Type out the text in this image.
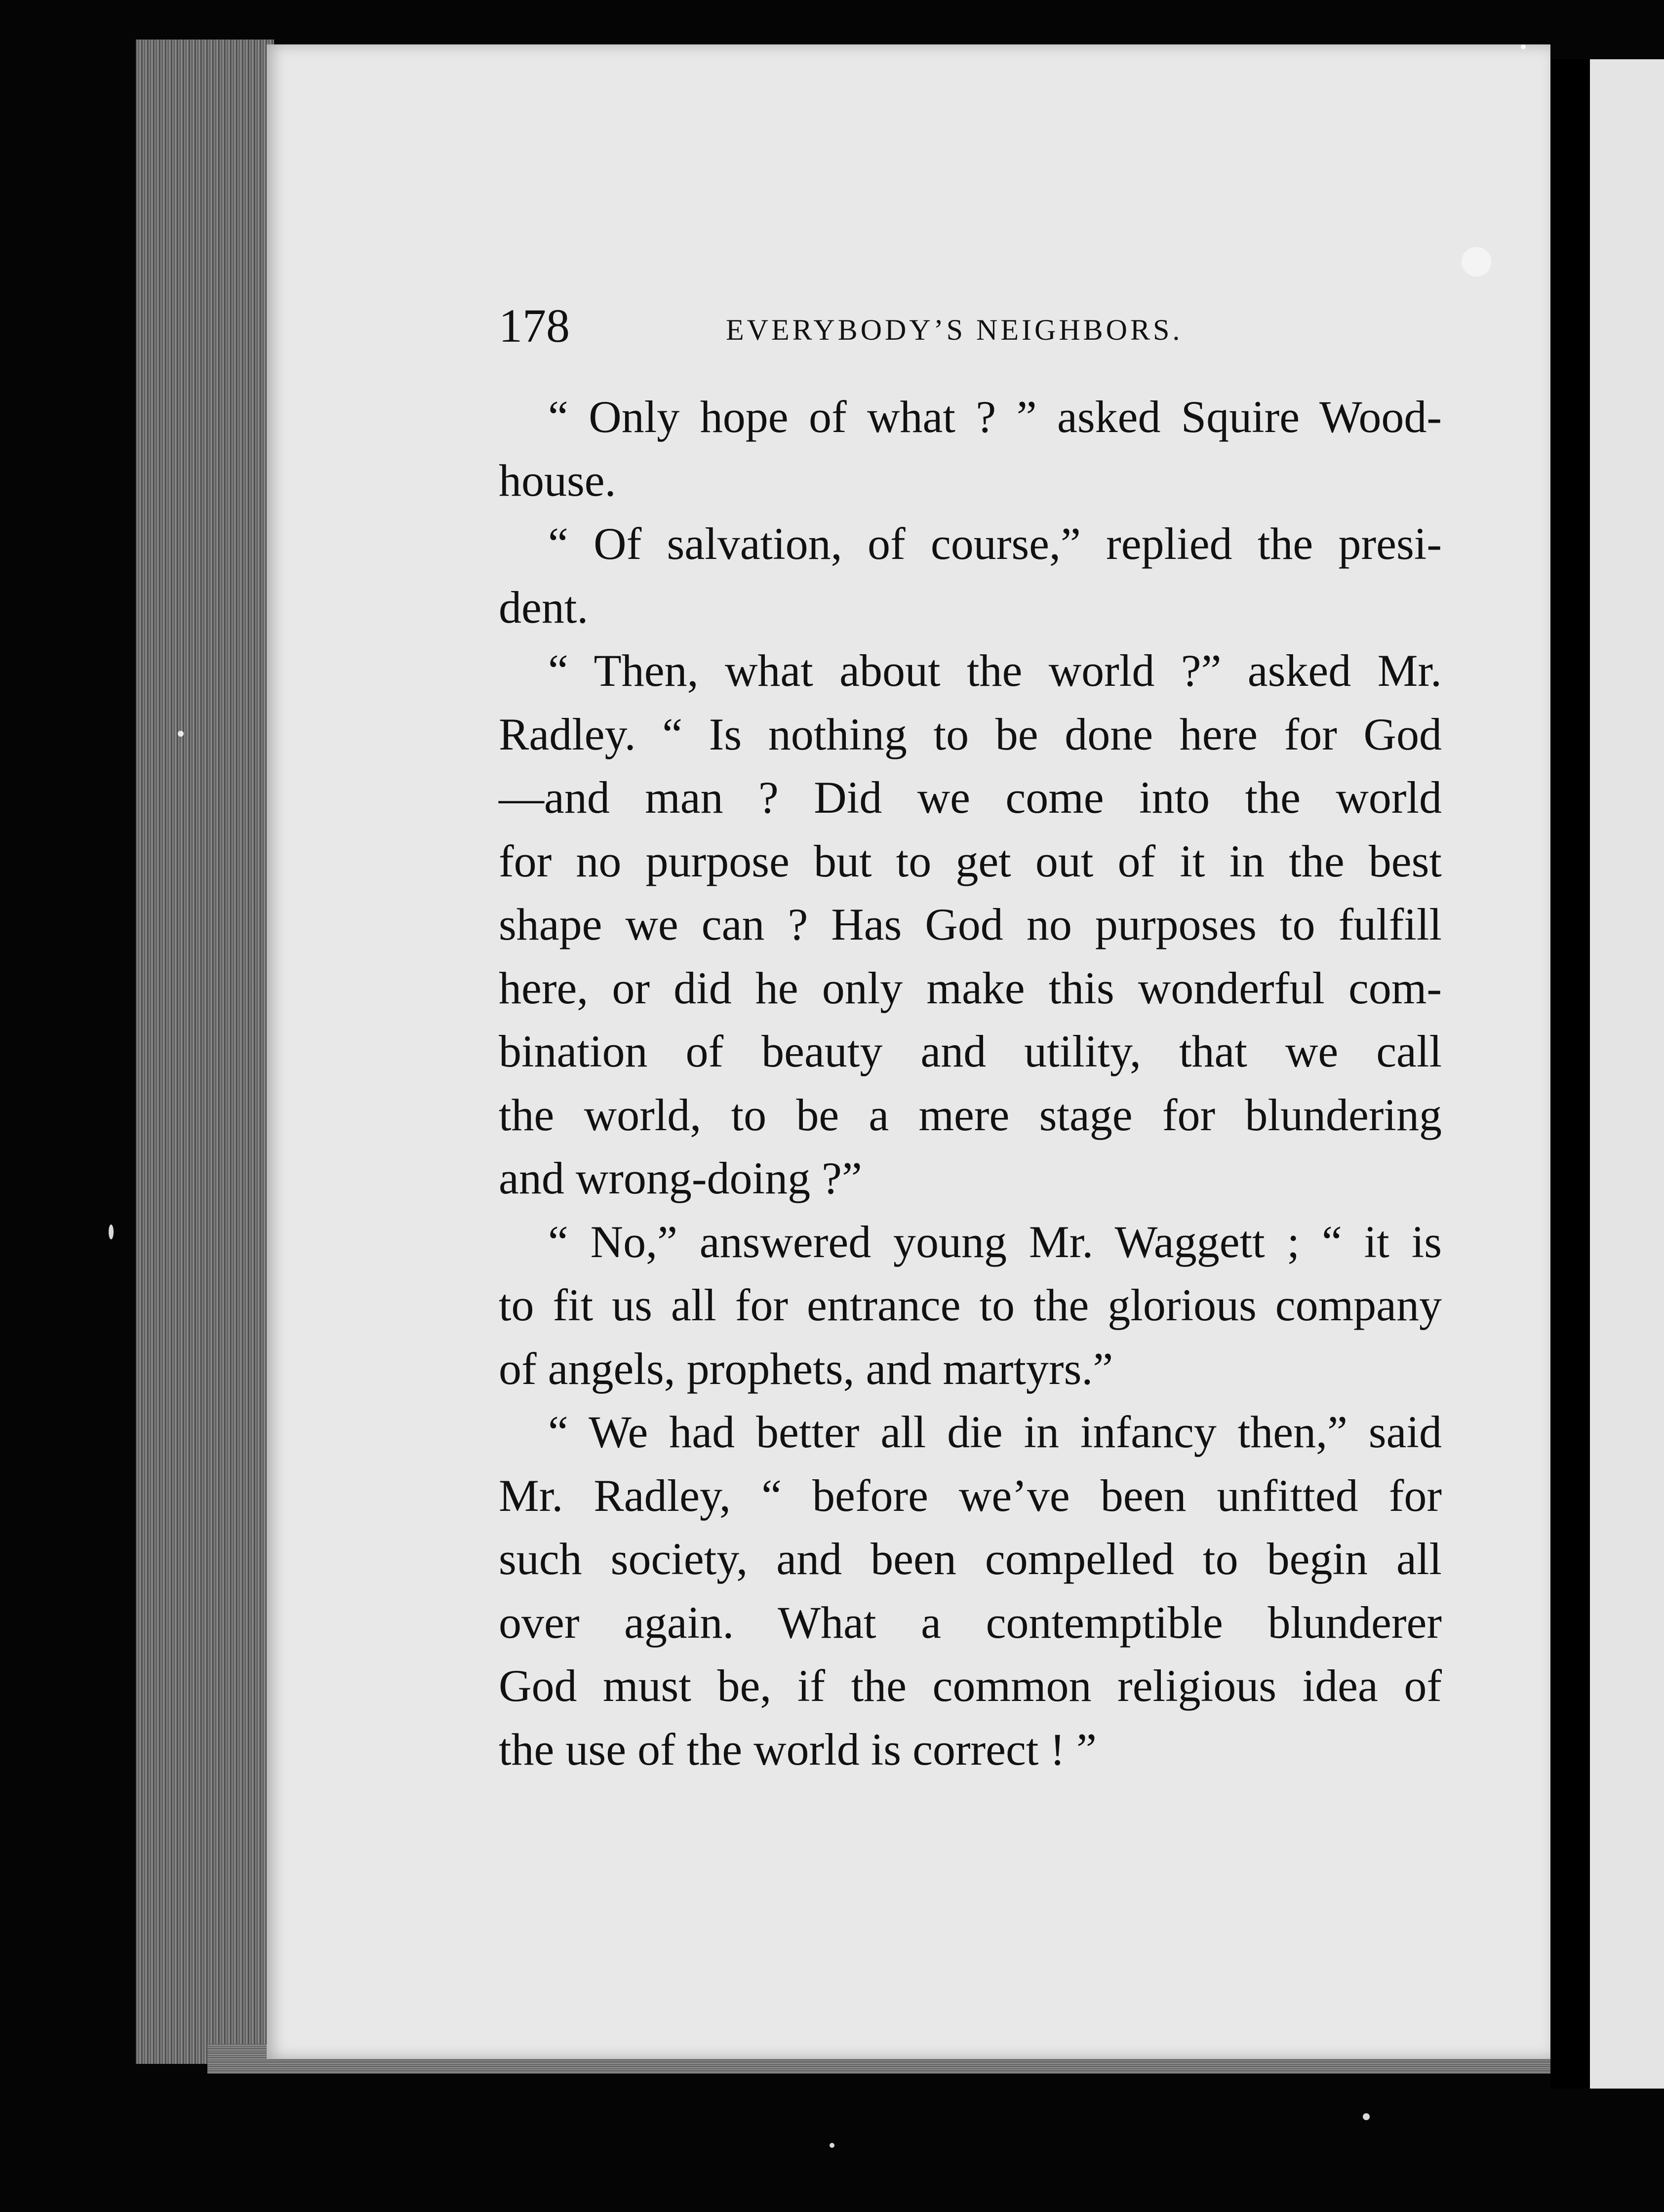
178	EVERYBODY’S NEIGHBORS.
“ Only hope of what ? ” asked Squire Wood-
house.
“ Of salvation, of course,” replied the presi-
dent.
“ Then, what about the world ?” asked Mr.
Radley. “ Is nothing to be done here for God
—and man ? Did we come into the world
for no purpose but to get out of it in the best
shape we can ? Has God no purposes to fulfill
here, or did he only make this wonderful com-
bination of beauty and utility, that we call
the world, to be a mere stage for blundering
and wrong-doing ?”
“ No,” answered young Mr. Waggett ; “ it is
to fit us all for entrance to the glorious company
of angels, prophets, and martyrs.”
“ We had better all die in infancy then,” said
Mr. Radley, “ before we’ve been unfitted for
such society, and been compelled to begin all
over again. What a contemptible blunderer
God must be, if the common religious idea of
the use of the world is correct ! ”
